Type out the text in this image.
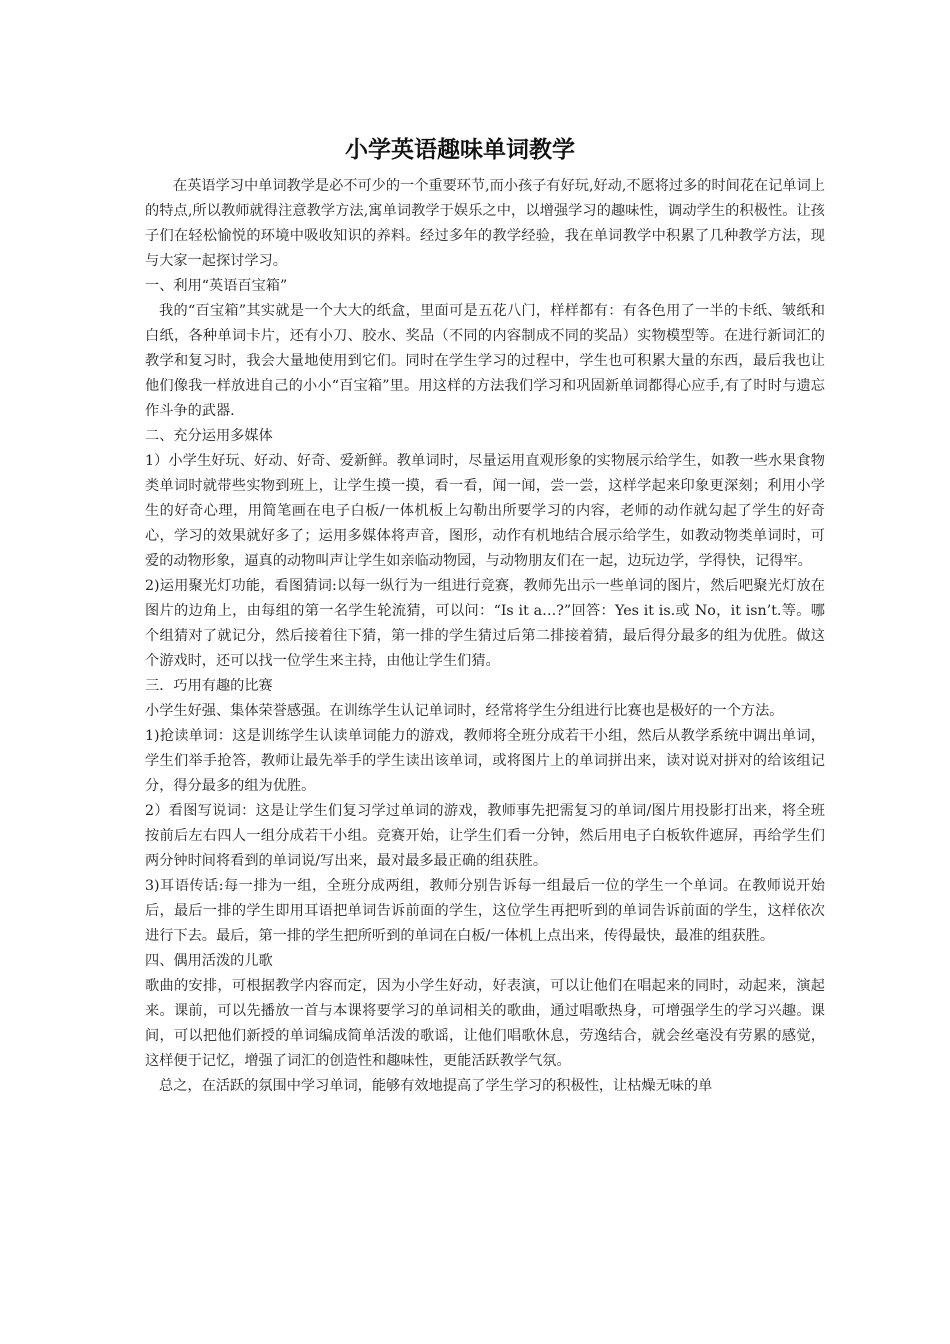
小学英语趣味单词教学

在英语学习中单词教学是必不可少的一个重要环节,而小孩子有好玩,好动,不愿将过多的时间花在记单词上的特点,所以教师就得注意教学方法,寓单词教学于娱乐之中，以增强学习的趣味性，调动学生的积极性。让孩子们在轻松愉悦的环境中吸收知识的养料。经过多年的教学经验，我在单词教学中积累了几种教学方法，现与大家一起探讨学习。

一、利用“英语百宝箱”

我的“百宝箱”其实就是一个大大的纸盒，里面可是五花八门，样样都有：有各色用了一半的卡纸、皱纸和白纸，各种单词卡片，还有小刀、胶水、奖品（不同的内容制成不同的奖品）实物模型等。在进行新词汇的教学和复习时，我会大量地使用到它们。同时在学生学习的过程中，学生也可积累大量的东西，最后我也让他们像我一样放进自己的小小“百宝箱”里。用这样的方法我们学习和巩固新单词都得心应手,有了时时与遗忘作斗争的武器.

二、充分运用多媒体

1）小学生好玩、好动、好奇、爱新鲜。教单词时，尽量运用直观形象的实物展示给学生，如教一些水果食物类单词时就带些实物到班上，让学生摸一摸，看一看，闻一闻，尝一尝，这样学起来印象更深刻；利用小学生的好奇心理，用简笔画在电子白板/一体机板上勾勒出所要学习的内容，老师的动作就勾起了学生的好奇心，学习的效果就好多了；运用多媒体将声音，图形，动作有机地结合展示给学生，如教动物类单词时，可爱的动物形象，逼真的动物叫声让学生如亲临动物园，与动物朋友们在一起，边玩边学，学得快，记得牢。

2)运用聚光灯功能，看图猜词:以每一纵行为一组进行竞赛，教师先出示一些单词的图片，然后吧聚光灯放在图片的边角上，由每组的第一名学生轮流猜，可以问：“Is it a…?”回答：Yes it is.或 No，it isn’t.等。哪个组猜对了就记分，然后接着往下猜，第一排的学生猜过后第二排接着猜，最后得分最多的组为优胜。做这个游戏时，还可以找一位学生来主持，由他让学生们猜。

三．巧用有趣的比赛

小学生好强、集体荣誉感强。在训练学生认记单词时，经常将学生分组进行比赛也是极好的一个方法。

1)抢读单词：这是训练学生认读单词能力的游戏，教师将全班分成若干小组，然后从教学系统中调出单词，学生们举手抢答，教师让最先举手的学生读出该单词，或将图片上的单词拼出来，读对说对拼对的给该组记分，得分最多的组为优胜。

2）看图写说词：这是让学生们复习学过单词的游戏，教师事先把需复习的单词/图片用投影打出来，将全班按前后左右四人一组分成若干小组。竞赛开始，让学生们看一分钟，然后用电子白板软件遮屏，再给学生们两分钟时间将看到的单词说/写出来，最对最多最正确的组获胜。

3)耳语传话:每一排为一组，全班分成两组，教师分别告诉每一组最后一位的学生一个单词。在教师说开始后，最后一排的学生即用耳语把单词告诉前面的学生，这位学生再把听到的单词告诉前面的学生，这样依次进行下去。最后，第一排的学生把所听到的单词在白板/一体机上点出来，传得最快，最准的组获胜。

四、偶用活泼的儿歌

歌曲的安排，可根据教学内容而定，因为小学生好动，好表演，可以让他们在唱起来的同时，动起来，演起来。课前，可以先播放一首与本课将要学习的单词相关的歌曲，通过唱歌热身，可增强学生的学习兴趣。课间，可以把他们新授的单词编成简单活泼的歌谣，让他们唱歌休息，劳逸结合，就会丝毫没有劳累的感觉，这样便于记忆，增强了词汇的创造性和趣味性，更能活跃教学气氛。

总之，在活跃的氛围中学习单词，能够有效地提高了学生学习的积极性，让枯燥无味的单
